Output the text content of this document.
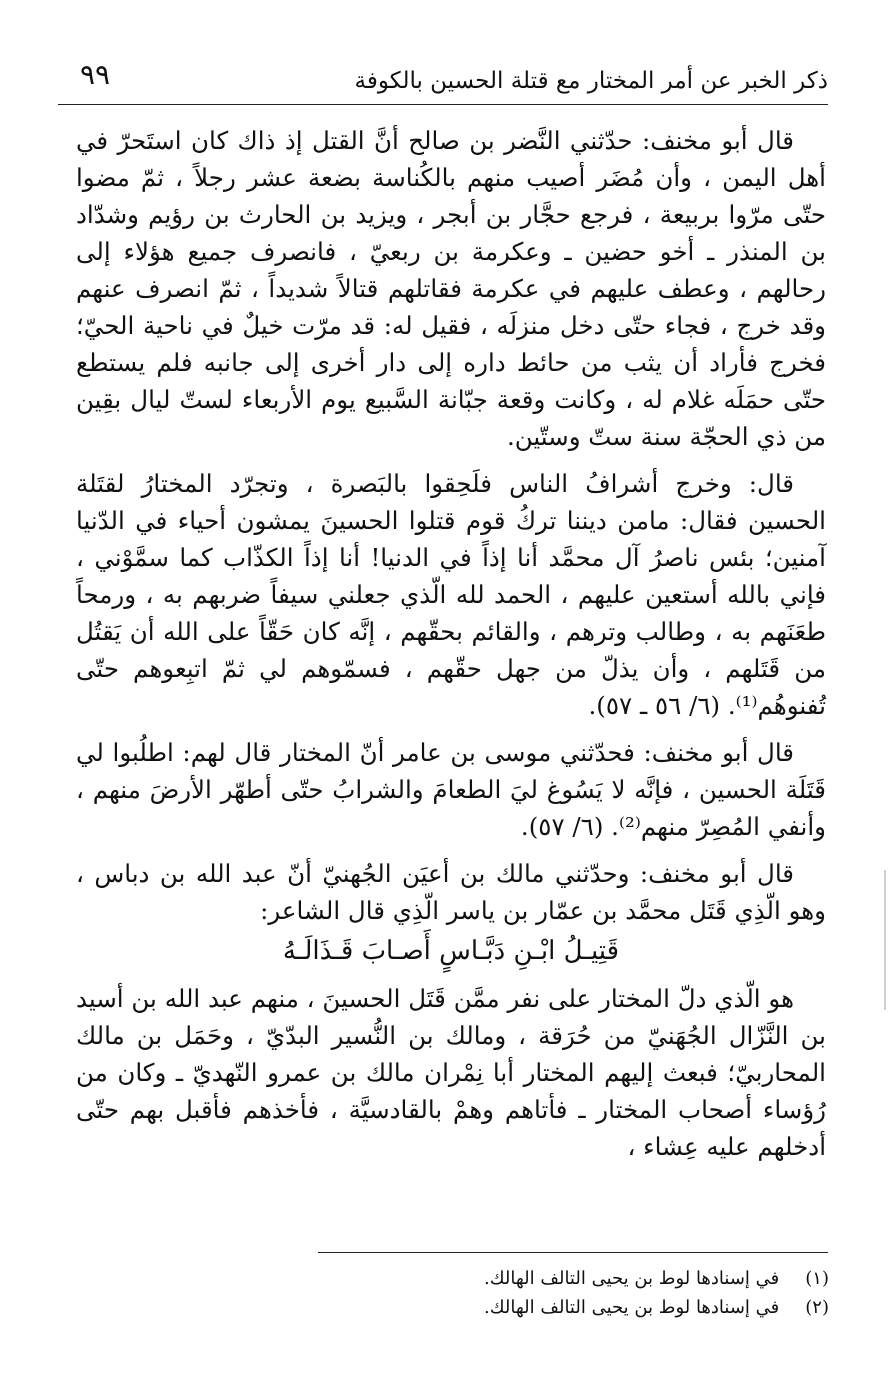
ذكر الخبر عن أمر المختار مع قتلة الحسين بالكوفة
٩٩

قال أبو مخنف: حدّثني النَّضر بن صالح أنَّ القتل إذ ذاك كان استَحرّ في أهل اليمن ، وأن مُضَر أصيب منهم بالكُناسة بضعة عشر رجلاً ، ثمّ مضوا حتّى مرّوا بربيعة ، فرجع حجَّار بن أبجر ، ويزيد بن الحارث بن رؤيم وشدّاد بن المنذر ـ أخو حضين ـ وعكرمة بن ربعيّ ، فانصرف جميع هؤلاء إلى رحالهم ، وعطف عليهم في عكرمة فقاتلهم قتالاً شديداً ، ثمّ انصرف عنهم وقد خرج ، فجاء حتّى دخل منزلَه ، فقيل له: قد مرّت خيلٌ في ناحية الحيّ؛ فخرج فأراد أن يثب من حائط داره إلى دار أخرى إلى جانبه فلم يستطع حتّى حمَلَه غلام له ، وكانت وقعة جبّانة السَّبيع يوم الأربعاء لستّ ليال بقِين من ذي الحجّة سنة ستّ وستّين.

قال: وخرج أشرافُ الناس فلَحِقوا بالبَصرة ، وتجرّد المختارُ لقتَلة الحسين فقال: مامن ديننا تركُ قوم قتلوا الحسينَ يمشون أحياء في الدّنيا آمنين؛ بئس ناصرُ آل محمَّد أنا إذاً في الدنيا! أنا إذاً الكذّاب كما سمَّوْني ، فإني بالله أستعين عليهم ، الحمد لله الّذي جعلني سيفاً ضربهم به ، ورمحاً طعَنَهم به ، وطالب وترهم ، والقائم بحقّهم ، إنَّه كان حَقّاً على الله أن يَقتُل من قَتَلهم ، وأن يذلّ من جهل حقّهم ، فسمّوهم لي ثمّ اتبِعوهم حتّى تُفنوهُم⁽¹⁾. (٦/ ٥٦ ـ ٥٧).

قال أبو مخنف: فحدّثني موسى بن عامر أنّ المختار قال لهم: اطلُبوا لي قَتَلَة الحسين ، فإنَّه لا يَسُوغ ليَ الطعامَ والشرابُ حتّى أطهّر الأرضَ منهم ، وأنفي المُصِرّ منهم⁽²⁾. (٦/ ٥٧).

قال أبو مخنف: وحدّثني مالك بن أعيَن الجُهنيّ أنّ عبد الله بن دباس ، وهو الّذِي قَتَل محمَّد بن عمّار بن ياسر الّذِي قال الشاعر:

قَتِيـلُ ابْـنِ دَبَّـاسٍ أَصـابَ قَـذَالَـهُ

هو الّذي دلّ المختار على نفر ممَّن قَتَل الحسينَ ، منهم عبد الله بن أسيد بن النَّزّال الجُهَنيّ من حُرَقة ، ومالك بن النُّسير البدّيّ ، وحَمَل بن مالك المحاربيّ؛ فبعث إليهم المختار أبا نِمْران مالك بن عمرو النّهديّ ـ وكان من رُؤساء أصحاب المختار ـ فأتاهم وهمْ بالقادسيَّة ، فأخذهم فأقبل بهم حتّى أدخلهم عليه عِشاء ،

(١) في إسنادها لوط بن يحيى التالف الهالك.
(٢) في إسنادها لوط بن يحيى التالف الهالك.
